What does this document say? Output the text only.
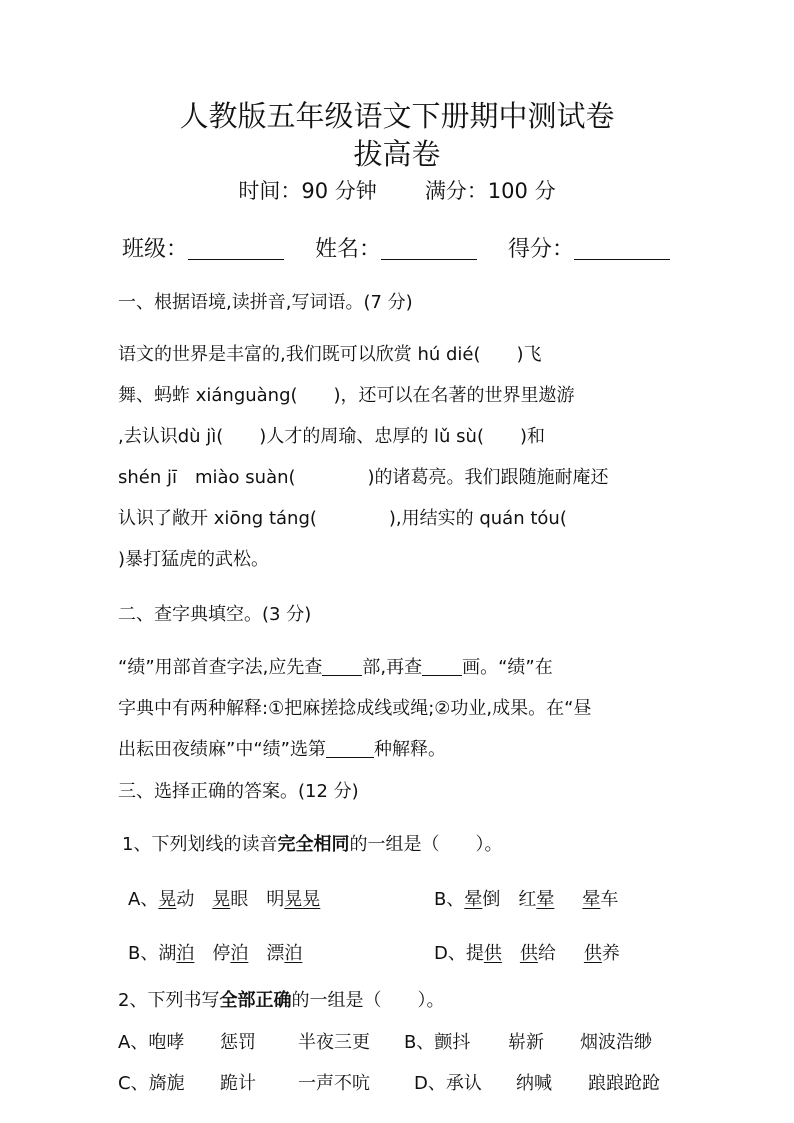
人教版五年级语文下册期中测试卷
拔高卷
时间：90 分钟 满分：100 分
班级：	姓名：	得分：
一、根据语境,读拼音,写词语。(7 分)
语文的世界是丰富的,我们既可以欣赏 hú dié(　　)飞
舞、蚂蚱 xiánguàng(　　)，还可以在名著的世界里遨游
,去认识dù jì(　　)人才的周瑜、忠厚的 lǔ sù(　　)和
shén jī　miào suàn(　　　　)的诸葛亮。我们跟随施耐庵还
认识了敞开 xiōng táng(　　　　),用结实的 quán tóu(
)暴打猛虎的武松。
二、查字典填空。(3 分)
“绩”用部首查字法,应先查 部,再查 画。“绩”在
字典中有两种解释:①把麻搓捻成线或绳;②功业,成果。在“昼
出耘田夜绩麻”中“绩”选第	种解释。
三、选择正确的答案。(12 分)
1、下列划线的读音完全相同的一组是（　　）。
A、晃动 晃眼 明晃晃	B、晕倒 红晕 晕车
B、湖泊 停泊 漂泊	D、提供 供给 供养
2、下列书写全部正确的一组是（　　）。
A、咆哮 惩罚 半夜三更 B、颤抖 崭新 烟波浩缈
C、旖旎 跪计 一声不吭 D、承认 纳喊 踉踉跄跄
